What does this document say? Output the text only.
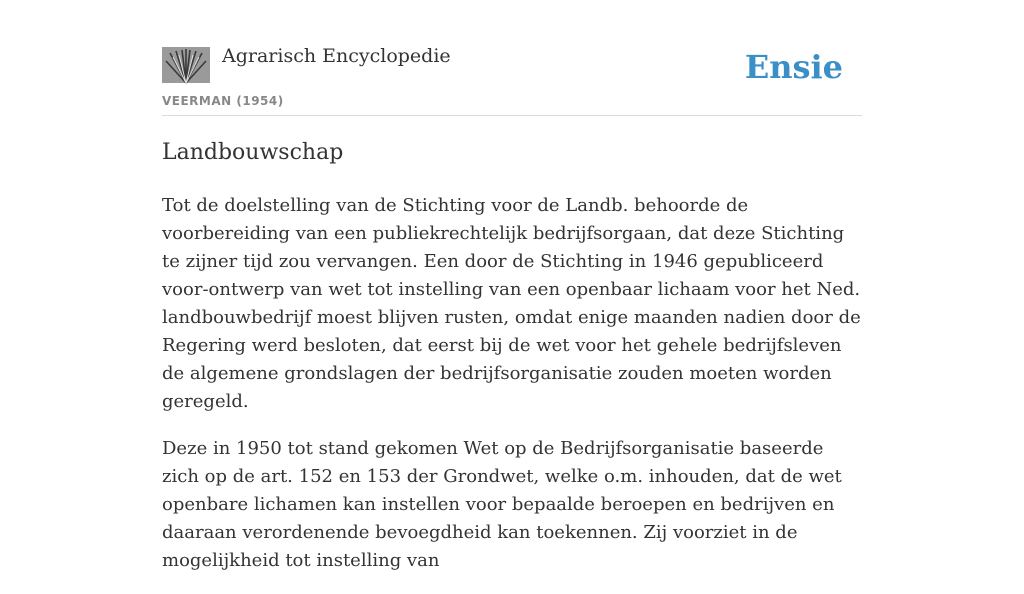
Agrarisch Encyclopedie
VEERMAN (1954)
Ensie
Landbouwschap

Tot de doelstelling van de Stichting voor de Landb. behoorde de voorbereiding van een publiekrechtelijk bedrijfsorgaan, dat deze Stichting te zijner tijd zou vervangen. Een door de Stichting in 1946 gepubliceerd voor-ontwerp van wet tot instelling van een openbaar lichaam voor het Ned. landbouwbedrijf moest blijven rusten, omdat enige maanden nadien door de Regering werd besloten, dat eerst bij de wet voor het gehele bedrijfsleven de algemene grondslagen der bedrijfsorganisatie zouden moeten worden geregeld.

Deze in 1950 tot stand gekomen Wet op de Bedrijfsorganisatie baseerde zich op de art. 152 en 153 der Grondwet, welke o.m. inhouden, dat de wet openbare lichamen kan instellen voor bepaalde beroepen en bedrijven en daaraan verordenende bevoegdheid kan toekennen. Zij voorziet in de mogelijkheid tot instelling van
